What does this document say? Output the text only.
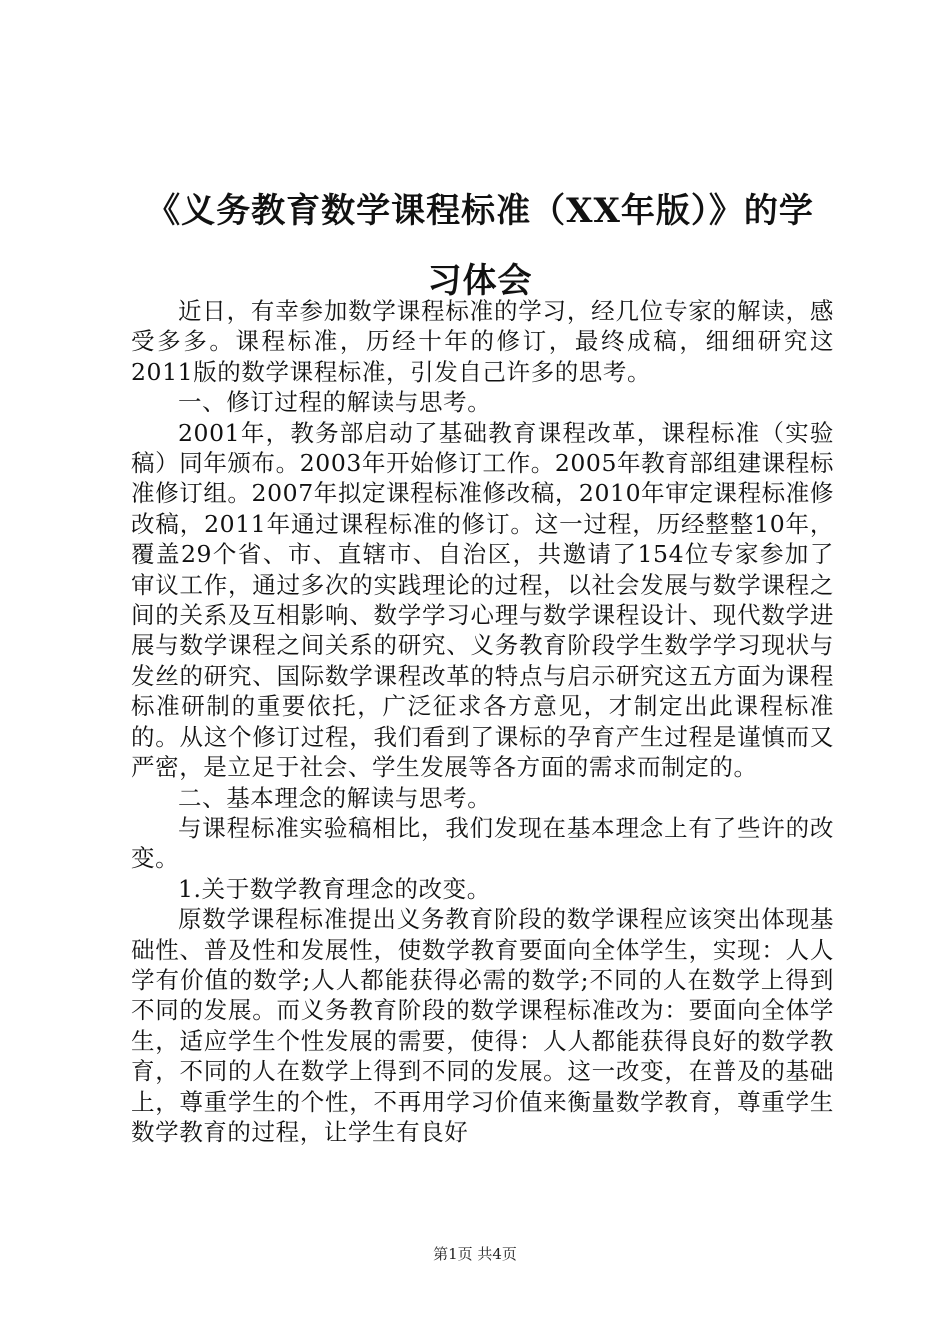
《义务教育数学课程标准（XX年版）》的学
习体会

近日，有幸参加数学课程标准的学习，经几位专家的解读，感受多多。课程标准，历经十年的修订，最终成稿，细细研究这2011版的数学课程标准，引发自己许多的思考。

一、修订过程的解读与思考。

2001年，教务部启动了基础教育课程改革，课程标准（实验稿）同年颁布。2003年开始修订工作。2005年教育部组建课程标准修订组。2007年拟定课程标准修改稿，2010年审定课程标准修改稿，2011年通过课程标准的修订。这一过程，历经整整10年，覆盖29个省、市、直辖市、自治区，共邀请了154位专家参加了审议工作，通过多次的实践理论的过程，以社会发展与数学课程之间的关系及互相影响、数学学习心理与数学课程设计、现代数学进展与数学课程之间关系的研究、义务教育阶段学生数学学习现状与发丝的研究、国际数学课程改革的特点与启示研究这五方面为课程标准研制的重要依托，广泛征求各方意见，才制定出此课程标准的。从这个修订过程，我们看到了课标的孕育产生过程是谨慎而又严密，是立足于社会、学生发展等各方面的需求而制定的。

二、基本理念的解读与思考。

与课程标准实验稿相比，我们发现在基本理念上有了些许的改变。

1.关于数学教育理念的改变。

原数学课程标准提出义务教育阶段的数学课程应该突出体现基础性、普及性和发展性，使数学教育要面向全体学生，实现：人人学有价值的数学;人人都能获得必需的数学;不同的人在数学上得到不同的发展。而义务教育阶段的数学课程标准改为：要面向全体学生，适应学生个性发展的需要，使得：人人都能获得良好的数学教育，不同的人在数学上得到不同的发展。这一改变，在普及的基础上，尊重学生的个性，不再用学习价值来衡量数学教育，尊重学生数学教育的过程，让学生有良好

第1页 共4页
